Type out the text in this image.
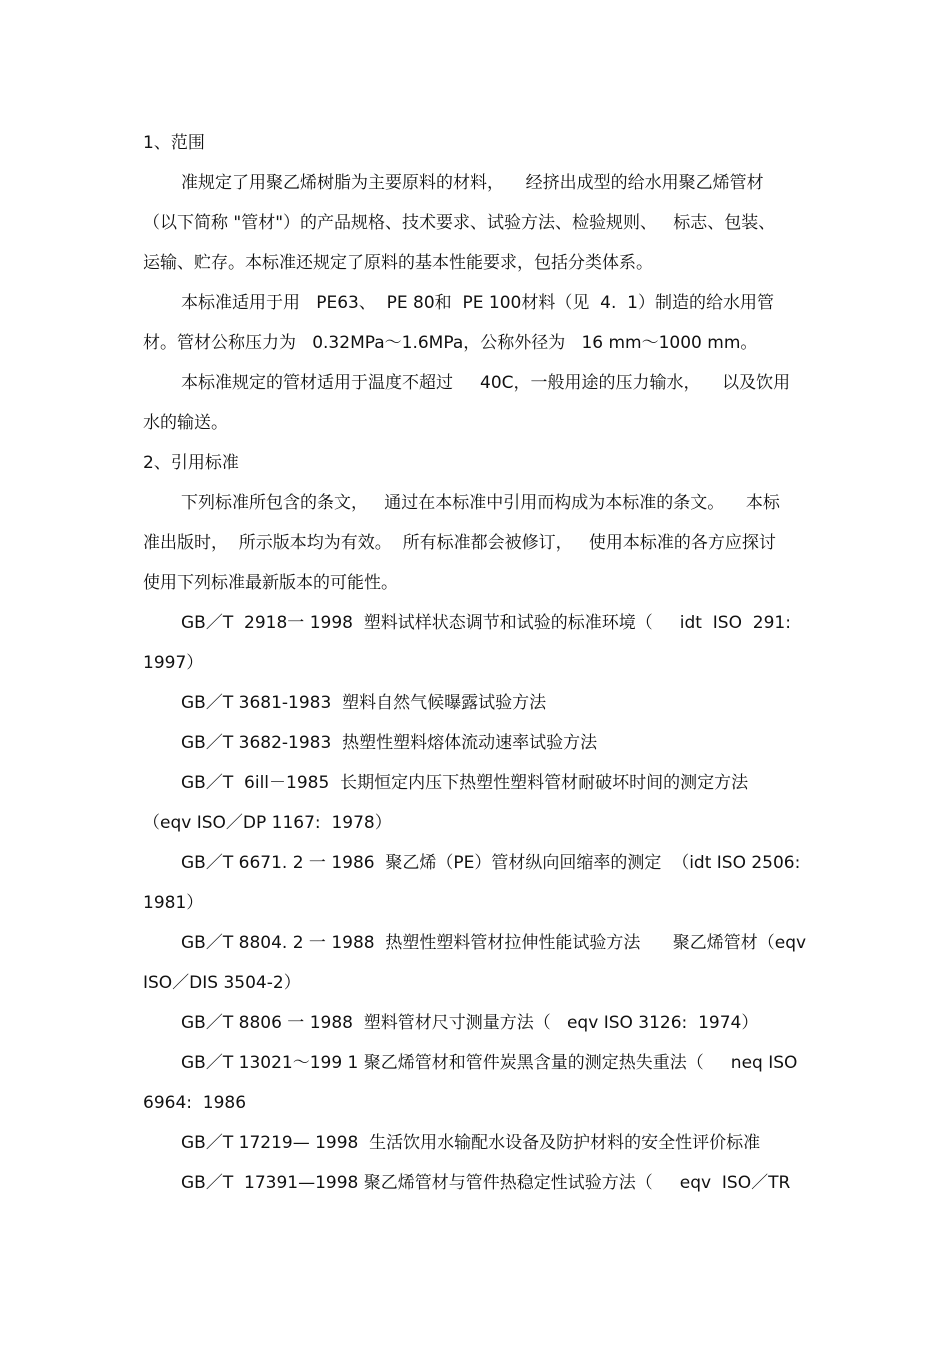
1、范围
准规定了用聚乙烯树脂为主要原料的材料，    经挤出成型的给水用聚乙烯管材
（以下简称 "管材"）的产品规格、技术要求、试验方法、检验规则、   标志、包装、
运输、贮存。本标准还规定了原料的基本性能要求，包括分类体系。
本标准适用于用   PE63、  PE 80和  PE 100材料（见  4.  1）制造的给水用管
材。管材公称压力为   0.32MPa～1.6MPa，公称外径为   16 mm～1000 mm。
本标准规定的管材适用于温度不超过     40C，一般用途的压力输水，    以及饮用
水的输送。
2、引用标准
下列标准所包含的条文，   通过在本标准中引用而构成为本标准的条文。    本标
准出版时，  所示版本均为有效。  所有标准都会被修订，   使用本标准的各方应探讨
使用下列标准最新版本的可能性。
GB／T  2918一 1998  塑料试样状态调节和试验的标准环境（     idt  ISO  291:
1997）
GB／T 3681-1983  塑料自然气候曝露试验方法
GB／T 3682-1983  热塑性塑料熔体流动速率试验方法
GB／T  6ill－1985  长期恒定内压下热塑性塑料管材耐破坏时间的测定方法
（eqv ISO／DP 1167:  1978）
GB／T 6671. 2 一 1986  聚乙烯（PE）管材纵向回缩率的测定  （idt ISO 2506:
1981）
GB／T 8804. 2 一 1988  热塑性塑料管材拉伸性能试验方法      聚乙烯管材（eqv
ISO／DIS 3504-2）
GB／T 8806 一 1988  塑料管材尺寸测量方法（   eqv ISO 3126:  1974）
GB／T 13021～199 1 聚乙烯管材和管件炭黑含量的测定热失重法（     neq ISO
6964:  1986
GB／T 17219— 1998  生活饮用水输配水设备及防护材料的安全性评价标准
GB／T  17391—1998 聚乙烯管材与管件热稳定性试验方法（     eqv  ISO／TR
